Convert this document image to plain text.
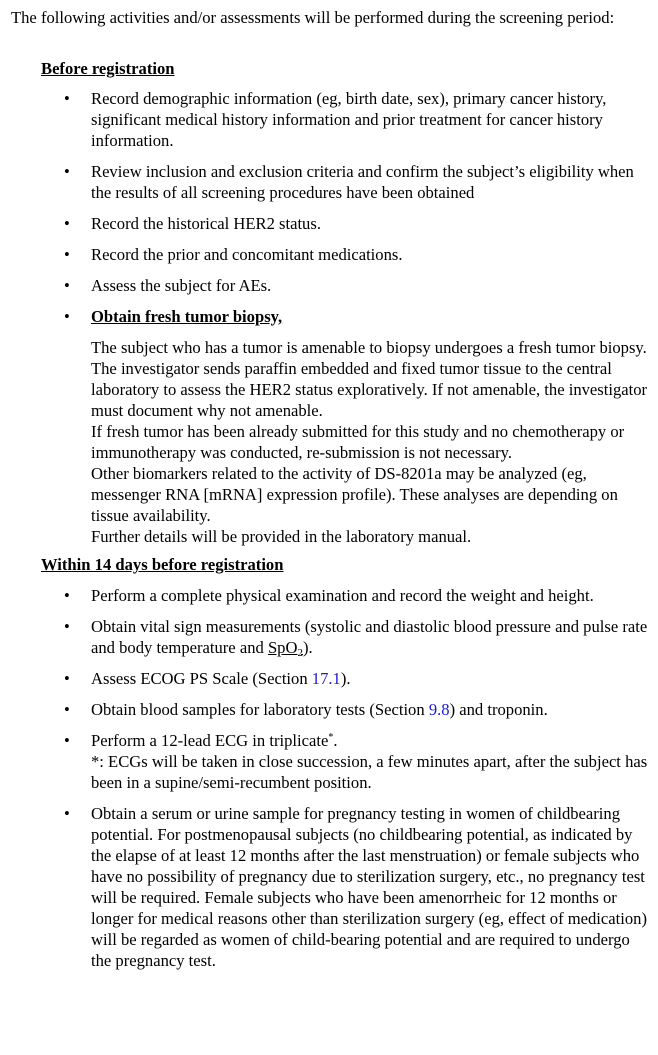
The following activities and/or assessments will be performed during the screening period:

Before registration
• Record demographic information (eg, birth date, sex), primary cancer history, significant medical history information and prior treatment for cancer history information.
• Review inclusion and exclusion criteria and confirm the subject’s eligibility when the results of all screening procedures have been obtained
• Record the historical HER2 status.
• Record the prior and concomitant medications.
• Assess the subject for AEs.
• Obtain fresh tumor biopsy,
The subject who has a tumor is amenable to biopsy undergoes a fresh tumor biopsy. The investigator sends paraffin embedded and fixed tumor tissue to the central laboratory to assess the HER2 status exploratively. If not amenable, the investigator must document why not amenable.
If fresh tumor has been already submitted for this study and no chemotherapy or immunotherapy was conducted, re-submission is not necessary.
Other biomarkers related to the activity of DS-8201a may be analyzed (eg, messenger RNA [mRNA] expression profile). These analyses are depending on tissue availability.
Further details will be provided in the laboratory manual.
Within 14 days before registration
• Perform a complete physical examination and record the weight and height.
• Obtain vital sign measurements (systolic and diastolic blood pressure and pulse rate and body temperature and SpO2).
• Assess ECOG PS Scale (Section 17.1).
• Obtain blood samples for laboratory tests (Section 9.8) and troponin.
• Perform a 12-lead ECG in triplicate*.
*: ECGs will be taken in close succession, a few minutes apart, after the subject has been in a supine/semi-recumbent position.
• Obtain a serum or urine sample for pregnancy testing in women of childbearing potential. For postmenopausal subjects (no childbearing potential, as indicated by the elapse of at least 12 months after the last menstruation) or female subjects who have no possibility of pregnancy due to sterilization surgery, etc., no pregnancy test will be required. Female subjects who have been amenorrheic for 12 months or longer for medical reasons other than sterilization surgery (eg, effect of medication) will be regarded as women of child-bearing potential and are required to undergo the pregnancy test.
